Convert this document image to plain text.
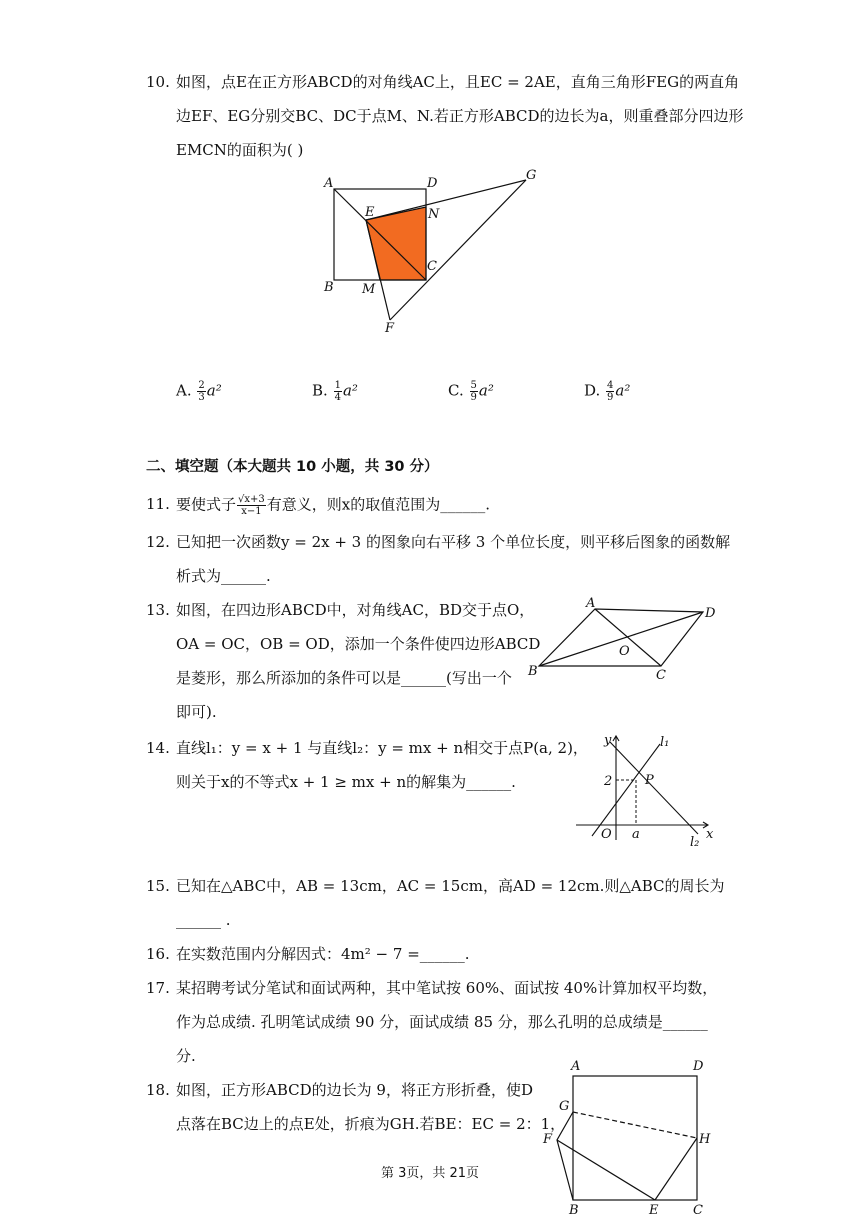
10. 如图，点E在正方形ABCD的对角线AC上，且EC = 2AE，直角三角形FEG的两直角
边EF、EG分别交BC、DC于点M、N.若正方形ABCD的边长为a，则重叠部分四边形
EMCN的面积为( )
A	D
G
E	N
C
B M
F
A. $\frac{2}{3} a^2$	B. $\frac{1}{4} a^2$	C. $\frac{5}{9} a^2$	D. $\frac{4}{9} a^2$
二、填空题（本大题共 10 小题，共 30 分）
11. 要使式子 $\frac{√x+3}{x-1}$ 有意义，则x的取值范围为______.
12. 已知把一次函数y = 2x + 3 的图象向右平移 3 个单位长度，则平移后图象的函数解
析式为______.
13. 如图，在四边形ABCD中，对角线AC，BD交于点O，
OA = OC，OB = OD，添加一个条件使四边形ABCD
是菱形，那么所添加的条件可以是______(写出一个
即可).
A
D
O
B	C
14. 直线l₁：y = x + 1 与直线l₂：y = mx + n相交于点P(a, 2)，
则关于x的不等式x + 1 ≥ mx + n的解集为______.
y	l₁
2	P
O a	x
l₂
15. 已知在△ABC中，AB = 13cm，AC = 15cm，高AD = 12cm.则△ABC的周长为
______ .
16. 在实数范围内分解因式：4m² − 7 =______.
17. 某招聘考试分笔试和面试两种，其中笔试按 60%、面试按 40%计算加权平均数，
作为总成绩. 孔明笔试成绩 90 分，面试成绩 85 分，那么孔明的总成绩是______
分.
18. 如图，正方形ABCD的边长为 9，将正方形折叠，使D
点落在BC边上的点E处，折痕为GH.若BE：EC = 2：1，
A	D
G
H
F
B	E	C
第 3页，共 21页
